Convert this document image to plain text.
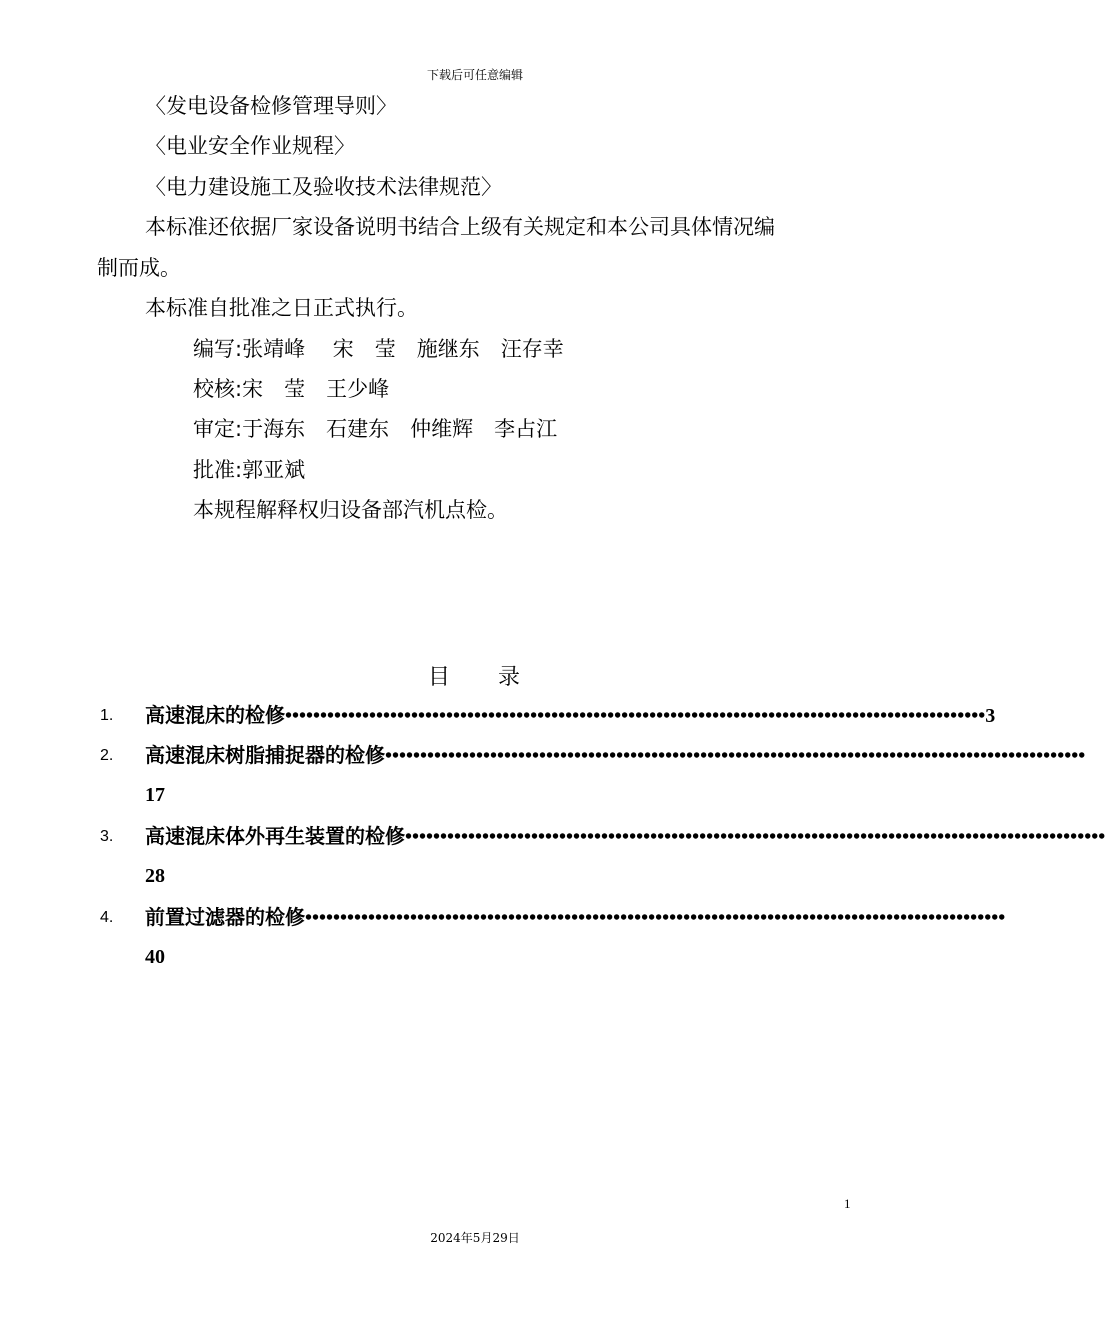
下载后可任意编辑
〈发电设备检修管理导则〉
〈电业安全作业规程〉
〈电力建设施工及验收技术法律规范〉
本标准还依据厂家设备说明书结合上级有关规定和本公司具体情况编
制而成。
本标准自批准之日正式执行。
编写:张靖峰　 宋　莹　施继东　汪存幸
校核:宋　莹　王少峰
审定:于海东　石建东　仲维辉　李占江
批准:郭亚斌
本规程解释权归设备部汽机点检。
目 录
1. 高速混床的检修 •••••••••••••••••••••••••••••••••••••••••••••••••••••••••••••••••••••••••••••••••••••••••••••••••••• 3
2. 高速混床树脂捕捉器的检修 ••••••••••••••••••••••••••••••••••••••••••••••••••••••••••••••••••••••••••••••••••••••••••••••••••••
17
3. 高速混床体外再生装置的检修 ••••••••••••••••••••••••••••••••••••••••••••••••••••••••••••••••••••••••••••••••••••••••••••••••••••
28
4. 前置过滤器的检修 ••••••••••••••••••••••••••••••••••••••••••••••••••••••••••••••••••••••••••••••••••••••••••••••••••••
40
1
2024年5月29日
